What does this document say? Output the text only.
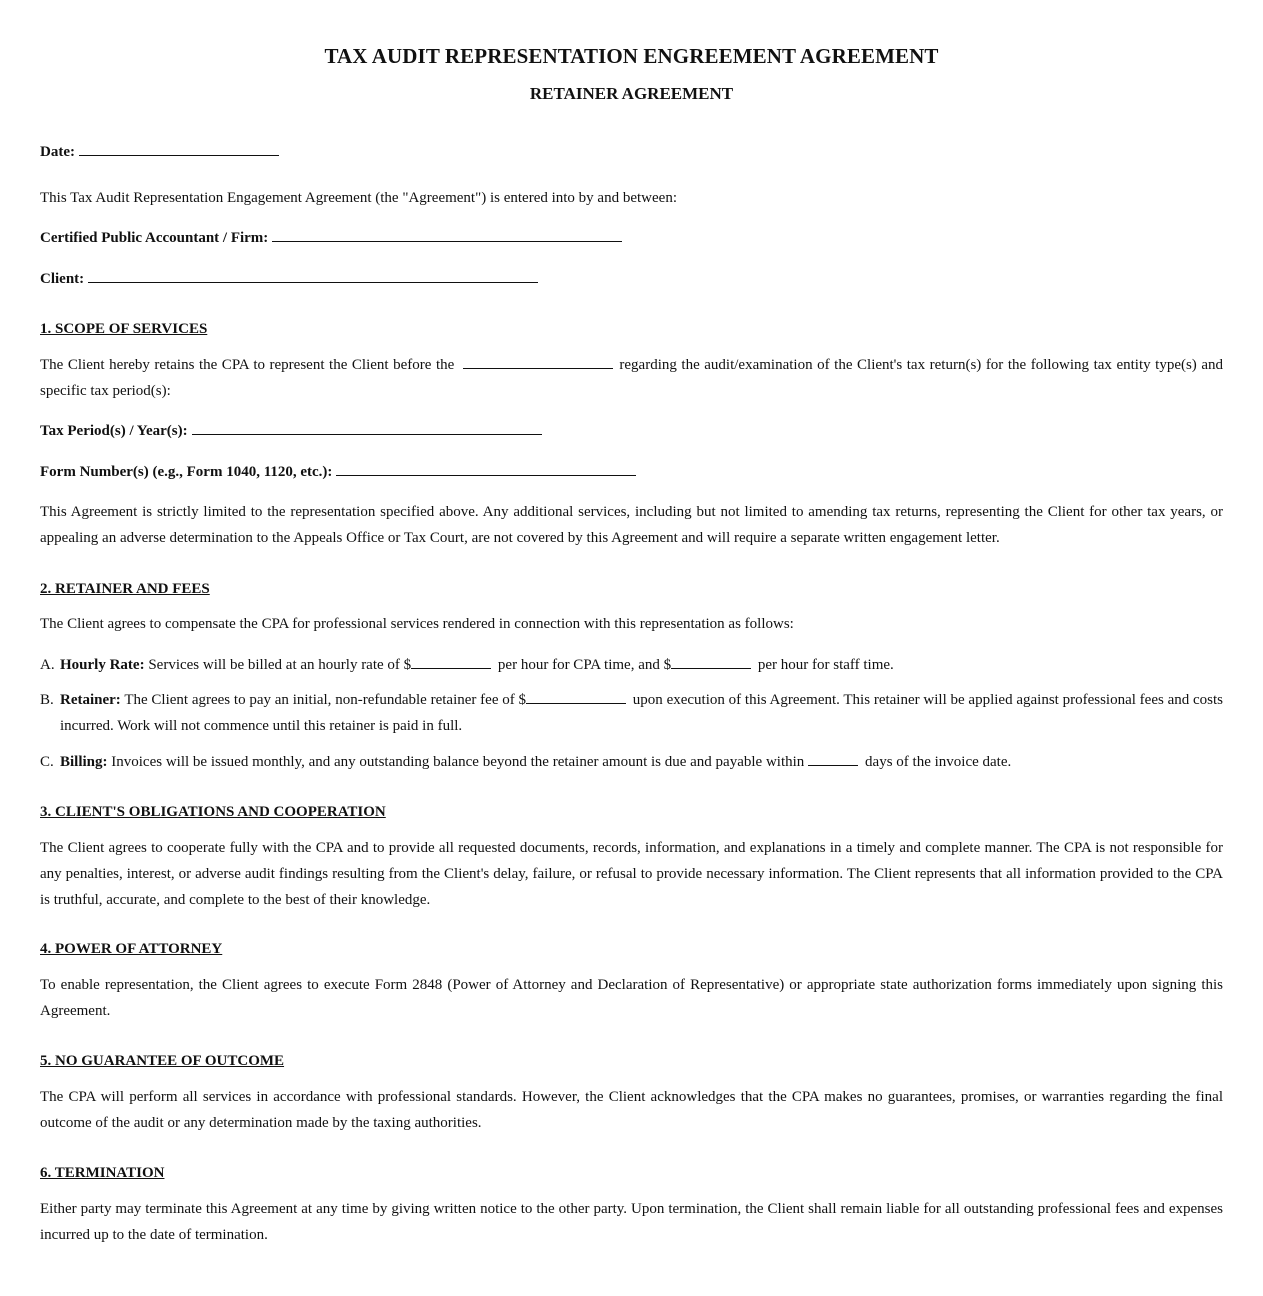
TAX AUDIT REPRESENTATION ENGREEMENT AGREEMENT
RETAINER AGREEMENT

Date:

This Tax Audit Representation Engagement Agreement (the "Agreement") is entered into by and between:

Certified Public Accountant / Firm:

Client:

1. SCOPE OF SERVICES

The Client hereby retains the CPA to represent the Client before the	regarding the audit/examination of the Client's tax return(s) for the following tax entity type(s) and specific tax period(s):

Tax Period(s) / Year(s):

Form Number(s) (e.g., Form 1040, 1120, etc.):

This Agreement is strictly limited to the representation specified above. Any additional services, including but not limited to amending tax returns, representing the Client for other tax years, or appealing an adverse determination to the Appeals Office or Tax Court, are not covered by this Agreement and will require a separate written engagement letter.

2. RETAINER AND FEES

The Client agrees to compensate the CPA for professional services rendered in connection with this representation as follows:

A. Hourly Rate: Services will be billed at an hourly rate of $	per hour for CPA time, and $	per hour for staff time.

B. Retainer: The Client agrees to pay an initial, non-refundable retainer fee of $	upon execution of this Agreement. This retainer will be applied against professional fees and costs incurred. Work will not commence until this retainer is paid in full.

C. Billing: Invoices will be issued monthly, and any outstanding balance beyond the retainer amount is due and payable within	days of the invoice date.

3. CLIENT'S OBLIGATIONS AND COOPERATION

The Client agrees to cooperate fully with the CPA and to provide all requested documents, records, information, and explanations in a timely and complete manner. The CPA is not responsible for any penalties, interest, or adverse audit findings resulting from the Client's delay, failure, or refusal to provide necessary information. The Client represents that all information provided to the CPA is truthful, accurate, and complete to the best of their knowledge.

4. POWER OF ATTORNEY

To enable representation, the Client agrees to execute Form 2848 (Power of Attorney and Declaration of Representative) or appropriate state authorization forms immediately upon signing this Agreement.

5. NO GUARANTEE OF OUTCOME

The CPA will perform all services in accordance with professional standards. However, the Client acknowledges that the CPA makes no guarantees, promises, or warranties regarding the final outcome of the audit or any determination made by the taxing authorities.

6. TERMINATION

Either party may terminate this Agreement at any time by giving written notice to the other party. Upon termination, the Client shall remain liable for all outstanding professional fees and expenses incurred up to the date of termination.
